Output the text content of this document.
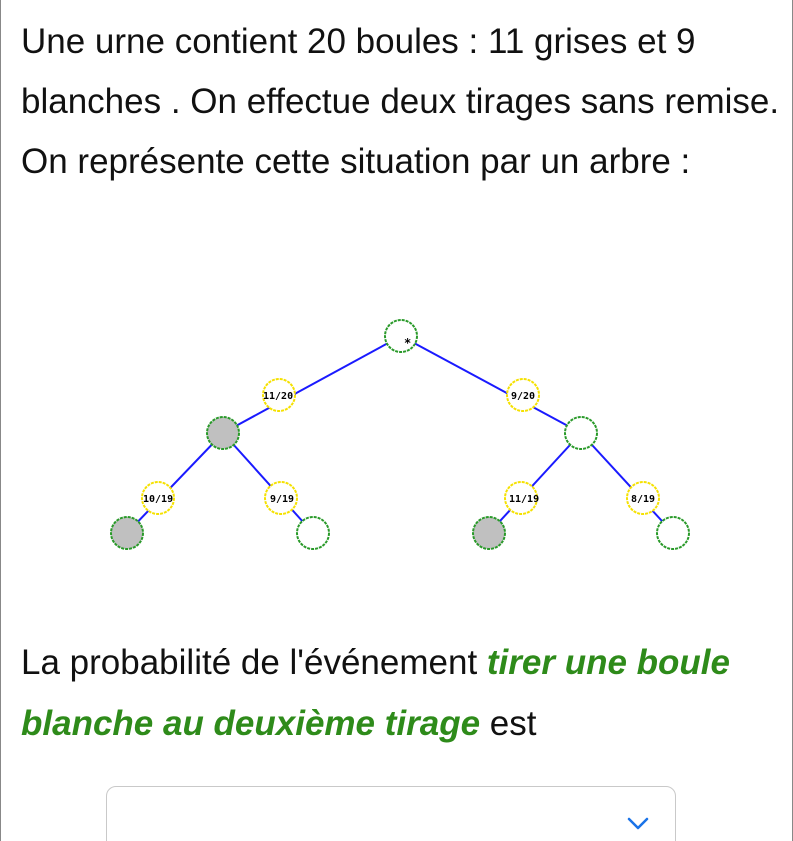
Une urne contient 20 boules : 11 grises et 9 blanches . On effectue deux tirages sans remise. On représente cette situation par un arbre :
*
11/20	9/20
10/19	9/19	11/19	8/19
La probabilité de l'événement tirer une boule blanche au deuxième tirage est
